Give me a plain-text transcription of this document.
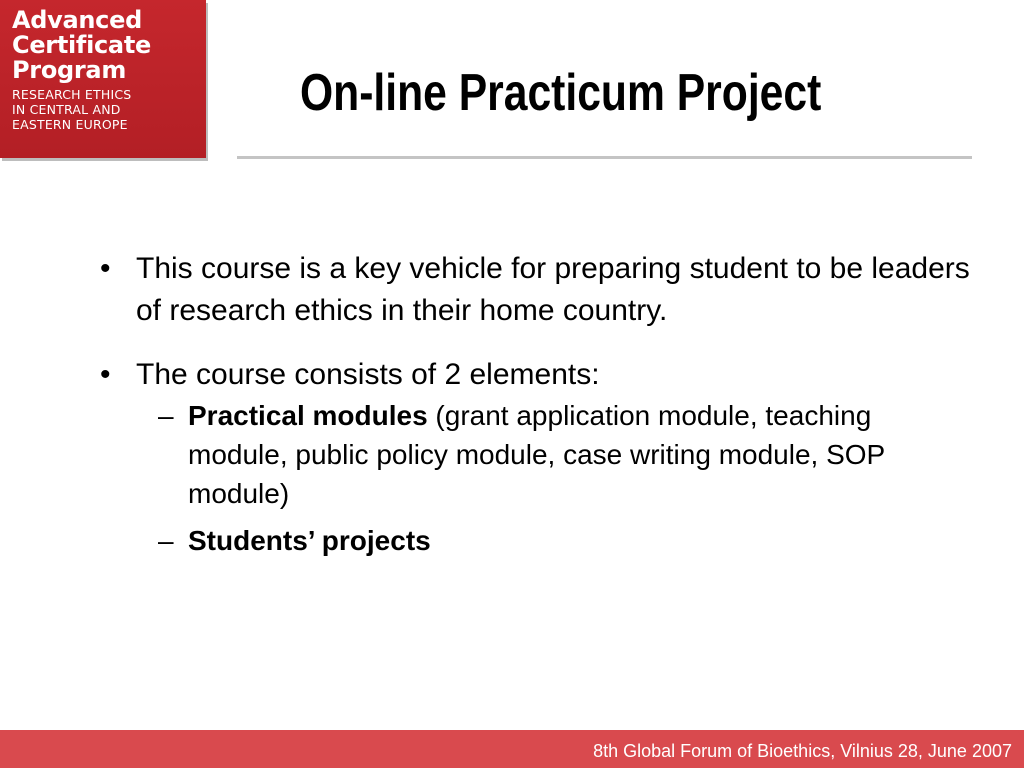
Advanced
Certificate
Program
RESEARCH ETHICS
IN CENTRAL AND
EASTERN EUROPE
On-line Practicum Project
• This course is a key vehicle for preparing student to be leaders of research ethics in their home country.
• The course consists of 2 elements:
– Practical modules (grant application module, teaching module, public policy module, case writing module, SOP module)
– Students’ projects
8th Global Forum of Bioethics, Vilnius 28, June 2007
